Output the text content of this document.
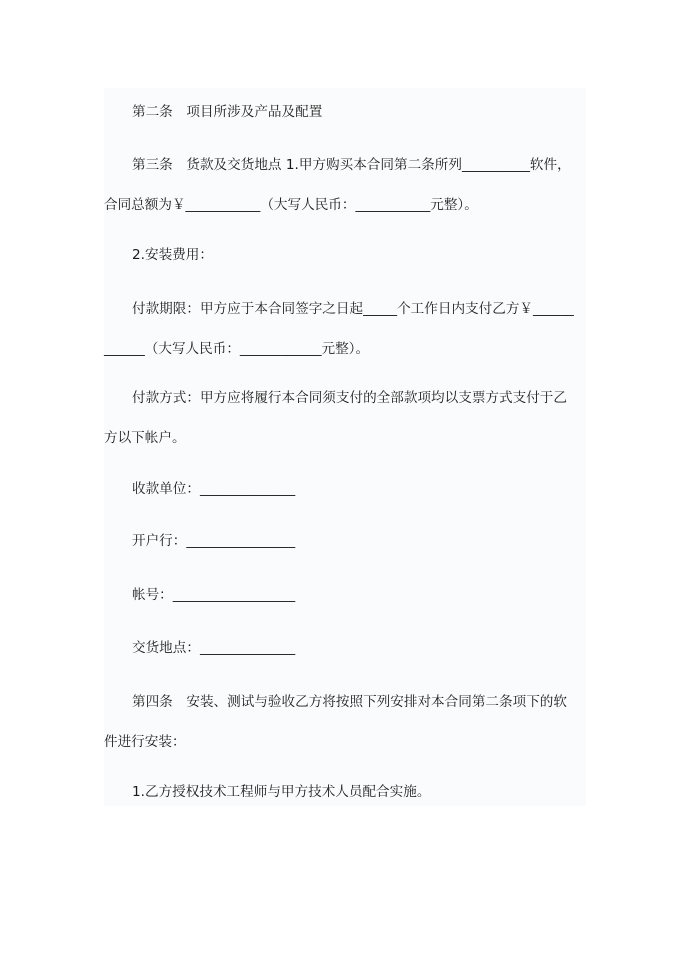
第二条　项目所涉及产品及配置
第三条　货款及交货地点 1.甲方购买本合同第二条所列__________软件，
合同总额为￥___________（大写人民币：___________元整）。
2.安装费用：
付款期限：甲方应于本合同签字之日起_____个工作日内支付乙方￥______
______（大写人民币：____________元整）。
付款方式：甲方应将履行本合同须支付的全部款项均以支票方式支付于乙
方以下帐户。
收款单位：______________
开户行：________________
帐号：__________________
交货地点：______________
第四条　安装、测试与验收乙方将按照下列安排对本合同第二条项下的软
件进行安装：
1.乙方授权技术工程师与甲方技术人员配合实施。
